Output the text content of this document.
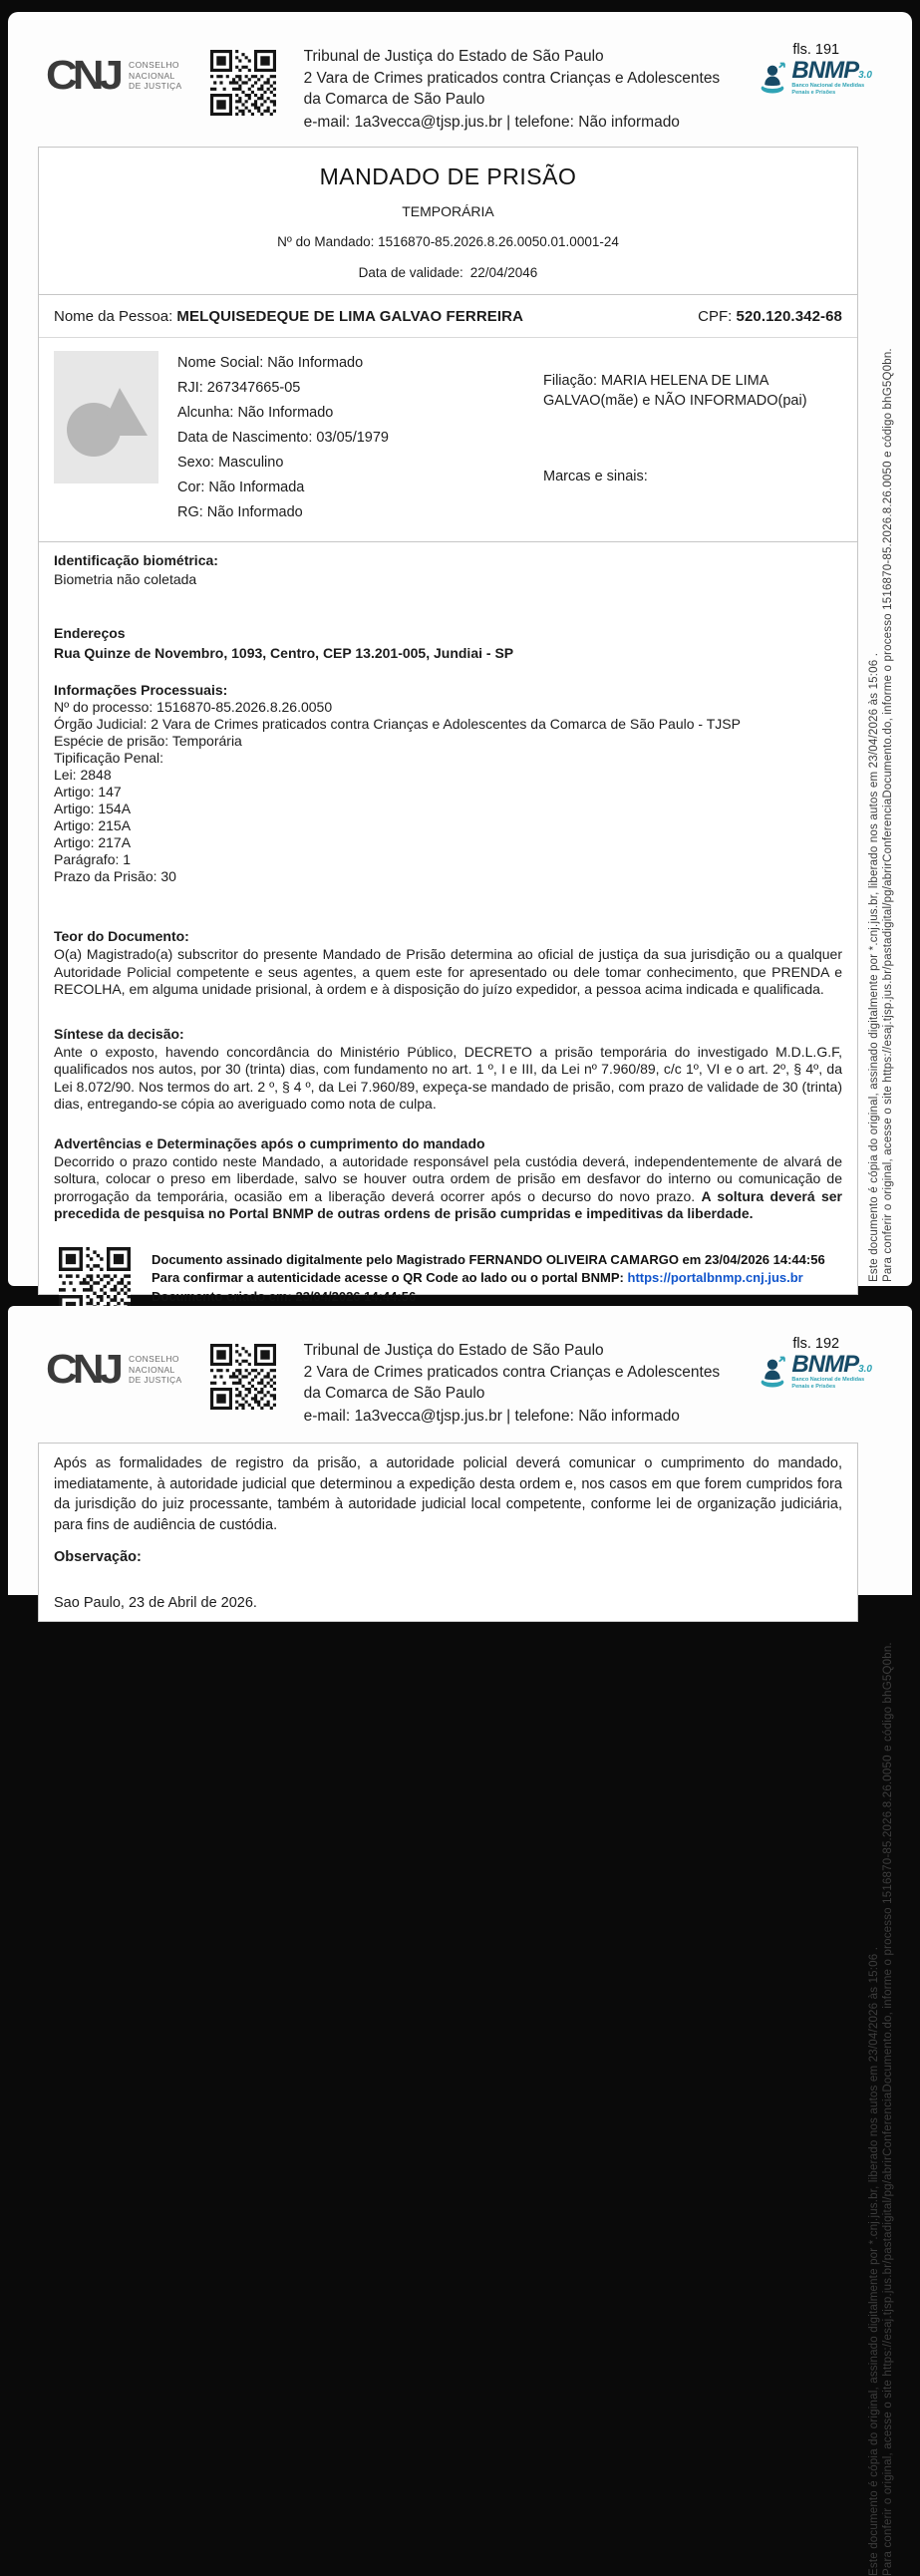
CNJ CONSELHO
NACIONAL
DE JUSTIÇA
Tribunal de Justiça do Estado de São Paulo
2 Vara de Crimes praticados contra Crianças e Adolescentes
da Comarca de São Paulo
e-mail: 1a3vecca@tjsp.jus.br | telefone: Não informado
fls. 191
BNMP3.0
Banco Nacional de Medidas
Penais e Prisões
MANDADO DE PRISÃO
TEMPORÁRIA
Nº do Mandado: 1516870-85.2026.8.26.0050.01.0001-24
Data de validade: 22/04/2046
Nome da Pessoa: MELQUISEDEQUE DE LIMA GALVAO FERREIRA	CPF: 520.120.342-68
Nome Social: Não Informado
RJI: 267347665-05
Alcunha: Não Informado
Data de Nascimento: 03/05/1979
Sexo: Masculino
Cor: Não Informada
RG: Não Informado
Filiação: MARIA HELENA DE LIMA GALVAO(mãe) e NÃO INFORMADO(pai)
Marcas e sinais:
Identificação biométrica:
Biometria não coletada
Endereços
Rua Quinze de Novembro, 1093, Centro, CEP 13.201-005, Jundiai - SP
Informações Processuais:
Nº do processo: 1516870-85.2026.8.26.0050
Órgão Judicial: 2 Vara de Crimes praticados contra Crianças e Adolescentes da Comarca de São Paulo - TJSP
Espécie de prisão: Temporária
Tipificação Penal:
Lei: 2848
Artigo: 147
Artigo: 154A
Artigo: 215A
Artigo: 217A
Parágrafo: 1
Prazo da Prisão: 30
Teor do Documento:

O(a) Magistrado(a) subscritor do presente Mandado de Prisão determina ao oficial de justiça da sua jurisdição ou a qualquer Autoridade Policial competente e seus agentes, a quem este for apresentado ou dele tomar conhecimento, que PRENDA e RECOLHA, em alguma unidade prisional, à ordem e à disposição do juízo expedidor, a pessoa acima indicada e qualificada.

Síntese da decisão:

Ante o exposto, havendo concordância do Ministério Público, DECRETO a prisão temporária do investigado M.D.L.G.F, qualificados nos autos, por 30 (trinta) dias, com fundamento no art. 1 º, I e III, da Lei nº 7.960/89, c/c 1º, VI e o art. 2º, § 4º, da Lei 8.072/90. Nos termos do art. 2 º, § 4 º, da Lei 7.960/89, expeça-se mandado de prisão, com prazo de validade de 30 (trinta) dias, entregando-se cópia ao averiguado como nota de culpa.

Advertências e Determinações após o cumprimento do mandado

Decorrido o prazo contido neste Mandado, a autoridade responsável pela custódia deverá, independentemente de alvará de soltura, colocar o preso em liberdade, salvo se houver outra ordem de prisão em desfavor do interno ou comunicação de prorrogação da temporária, ocasião em a liberação deverá ocorrer após o decurso do novo prazo. A soltura deverá ser precedida de pesquisa no Portal BNMP de outras ordens de prisão cumpridas e impeditivas da liberdade.

Documento assinado digitalmente pelo Magistrado FERNANDO OLIVEIRA CAMARGO em 23/04/2026 14:44:56
Para confirmar a autenticidade acesse o QR Code ao lado ou o portal BNMP: https://portalbnmp.cnj.jus.br
Documento criado em: 23/04/2026 14:44:56
Este documento é cópia do original, assinado digitalmente por *.cnj.jus.br, liberado nos autos em 23/04/2026 às 15:06 . Para conferir o original, acesse o site https://esaj.tjsp.jus.br/pastadigital/pg/abrirConferenciaDocumento.do, informe o processo 1516870-85.2026.8.26.0050 e código bhG5Q0bn.
CNJ CONSELHO
NACIONAL
DE JUSTIÇA
Tribunal de Justiça do Estado de São Paulo
2 Vara de Crimes praticados contra Crianças e Adolescentes
da Comarca de São Paulo
e-mail: 1a3vecca@tjsp.jus.br | telefone: Não informado
fls. 192
BNMP3.0
Banco Nacional de Medidas
Penais e Prisões

Após as formalidades de registro da prisão, a autoridade policial deverá comunicar o cumprimento do mandado, imediatamente, à autoridade judicial que determinou a expedição desta ordem e, nos casos em que forem cumpridos fora da jurisdição do juiz processante, também à autoridade judicial local competente, conforme lei de organização judiciária, para fins de audiência de custódia.

Observação:
Sao Paulo, 23 de Abril de 2026.
Este documento é cópia do original, assinado digitalmente por *.cnj.jus.br, liberado nos autos em 23/04/2026 às 15:06 . Para conferir o original, acesse o site https://esaj.tjsp.jus.br/pastadigital/pg/abrirConferenciaDocumento.do, informe o processo 1516870-85.2026.8.26.0050 e código bhG5Q0bn.
